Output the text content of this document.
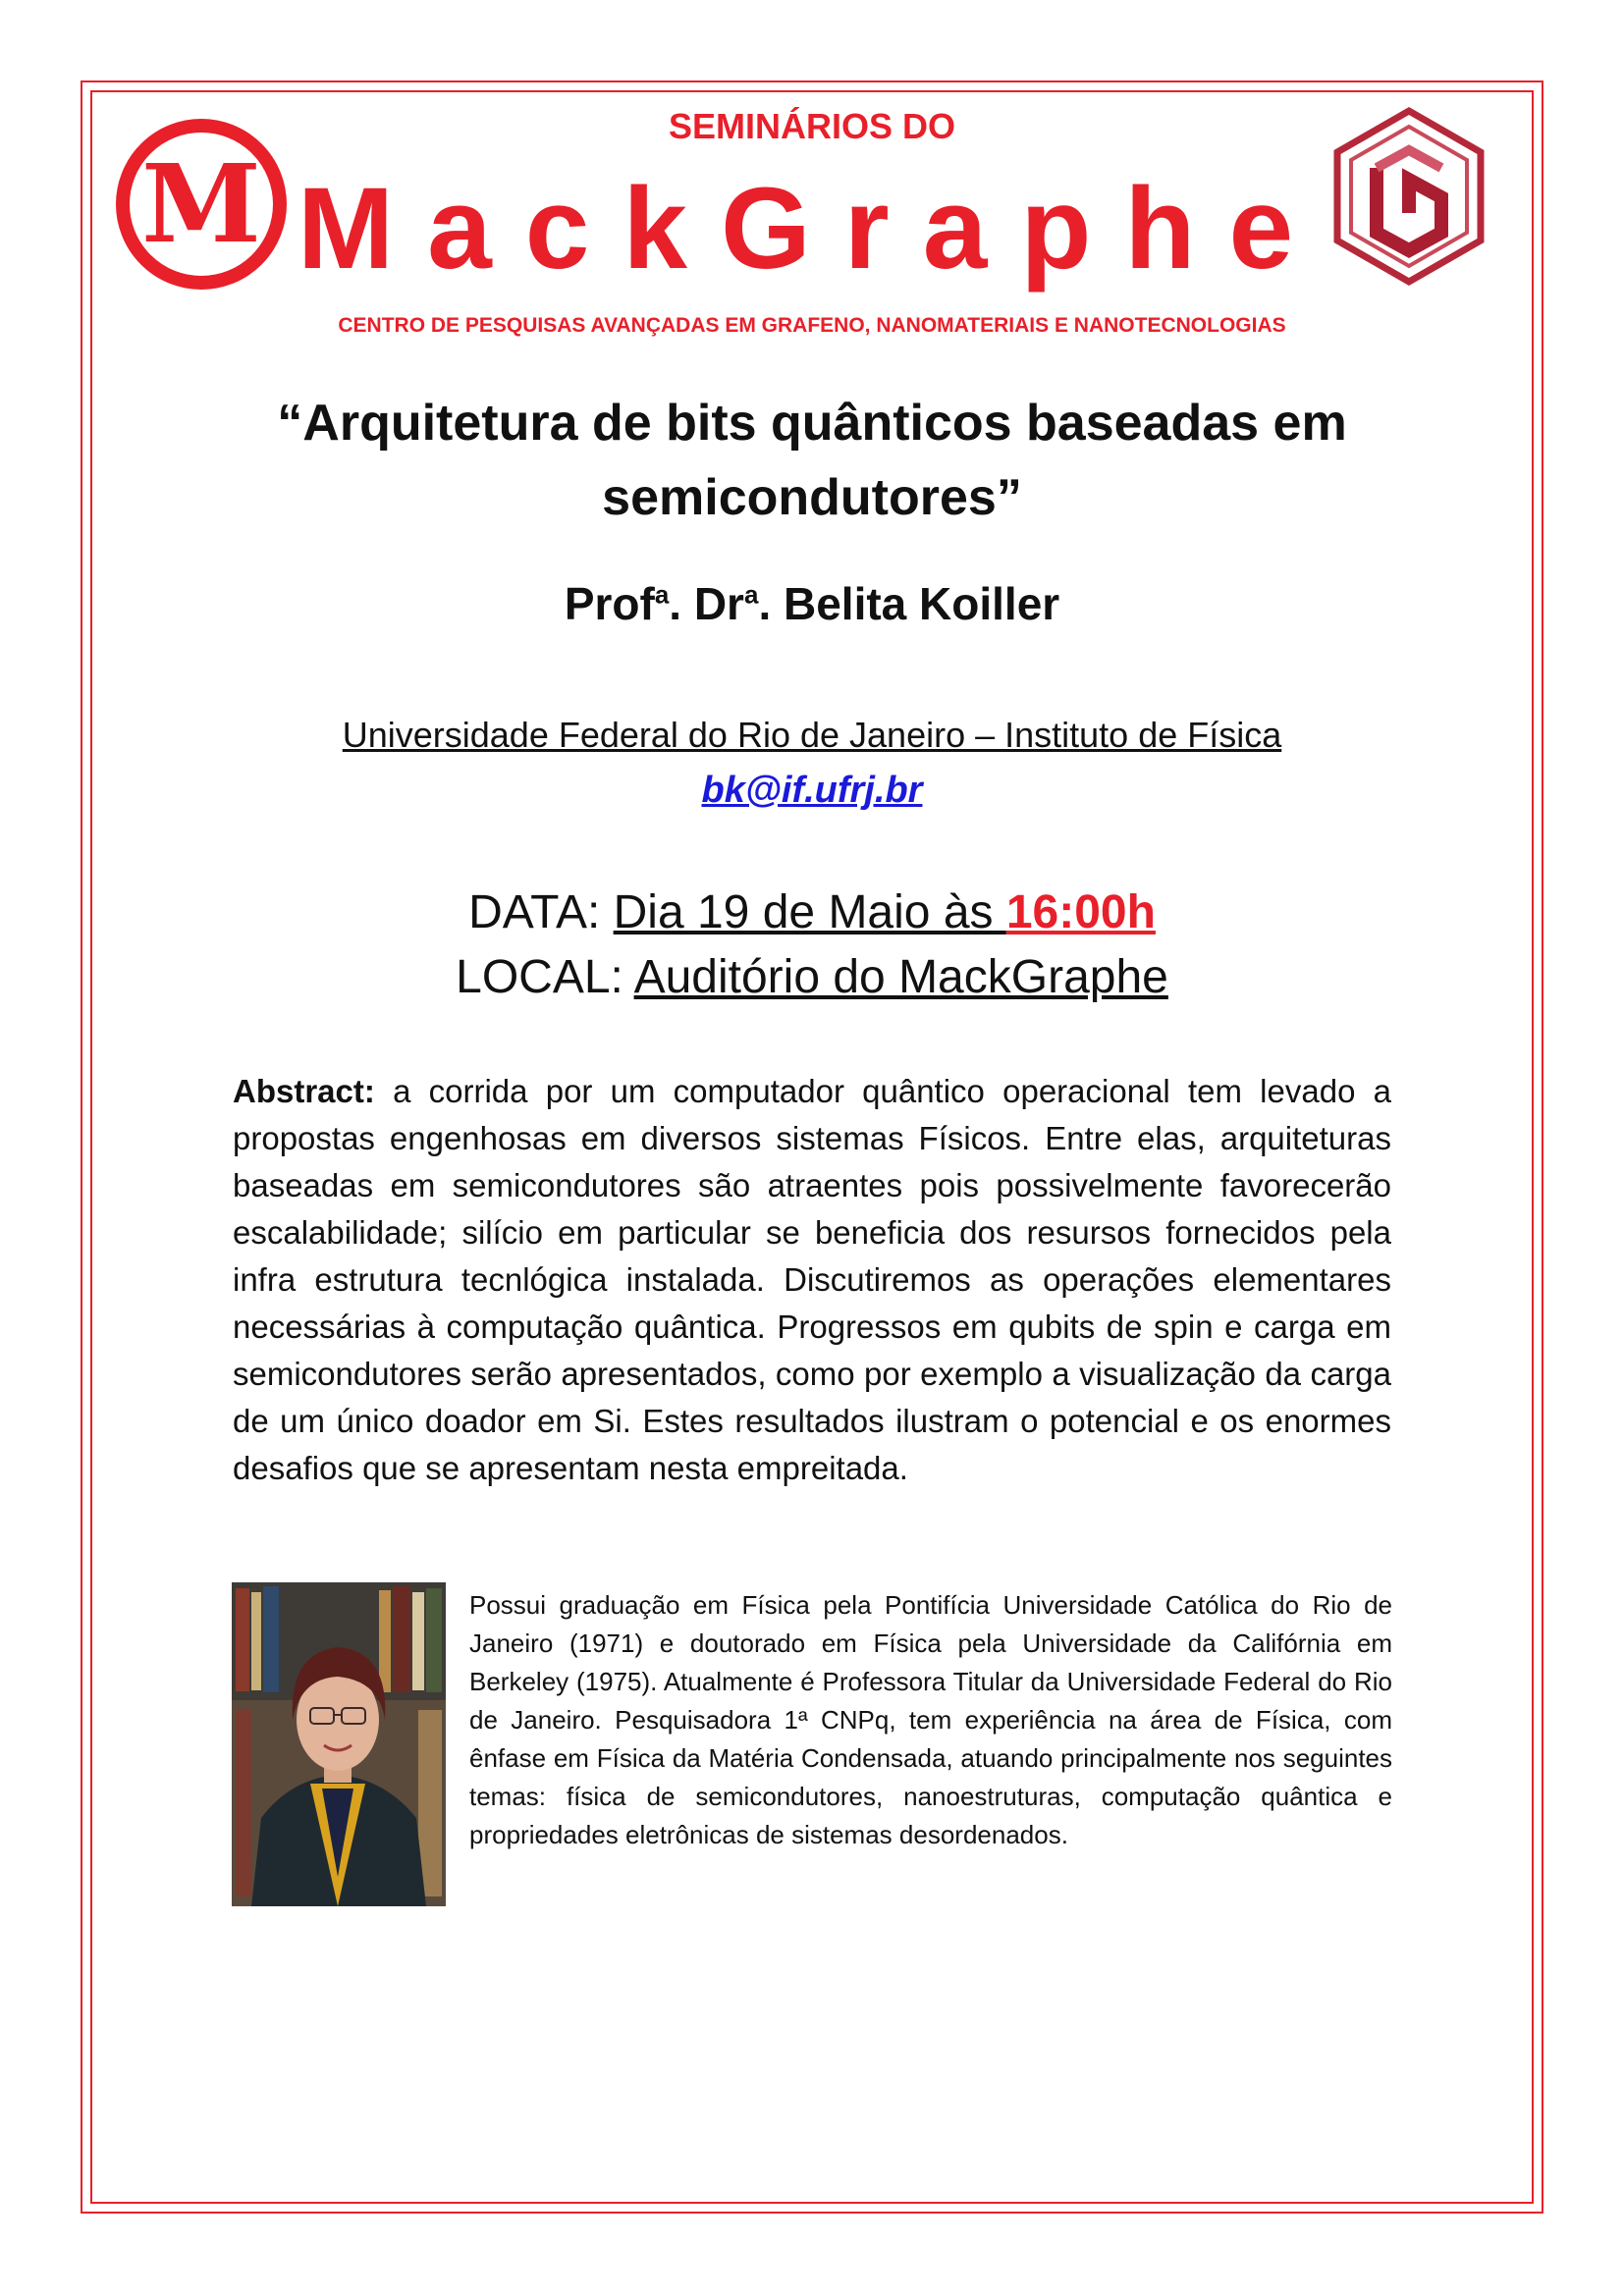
M
SEMINÁRIOS DO
MackGraphe
CENTRO DE PESQUISAS AVANÇADAS EM GRAFENO, NANOMATERIAIS E NANOTECNOLOGIAS
“Arquitetura de bits quânticos baseadas em semicondutores”
Prof$^a$. Dr$^a$. Belita Koiller
Universidade Federal do Rio de Janeiro – Instituto de Física
bk@if.ufrj.br
DATA: Dia 19 de Maio às 16:00h
LOCAL: Auditório do MackGraphe
Abstract: a corrida por um computador quântico operacional tem levado a propostas engenhosas em diversos sistemas Físicos. Entre elas, arquiteturas baseadas em semicondutores são atraentes pois possivelmente favorecerão escalabilidade; silício em particular se beneficia dos resursos fornecidos pela infra estrutura tecnlógica instalada. Discutiremos as operações elementares necessárias à computação quântica. Progressos em qubits de spin e carga em semicondutores serão apresentados, como por exemplo a visualização da carga de um único doador em Si. Estes resultados ilustram o potencial e os enormes desafios que se apresentam nesta empreitada.
Possui graduação em Física pela Pontifícia Universidade Católica do Rio de Janeiro (1971) e doutorado em Física pela Universidade da Califórnia em Berkeley (1975). Atualmente é Professora Titular da Universidade Federal do Rio de Janeiro. Pesquisadora 1ª CNPq, tem experiência na área de Física, com ênfase em Física da Matéria Condensada, atuando principalmente nos seguintes temas: física de semicondutores, nanoestruturas, computação quântica e propriedades eletrônicas de sistemas desordenados.
